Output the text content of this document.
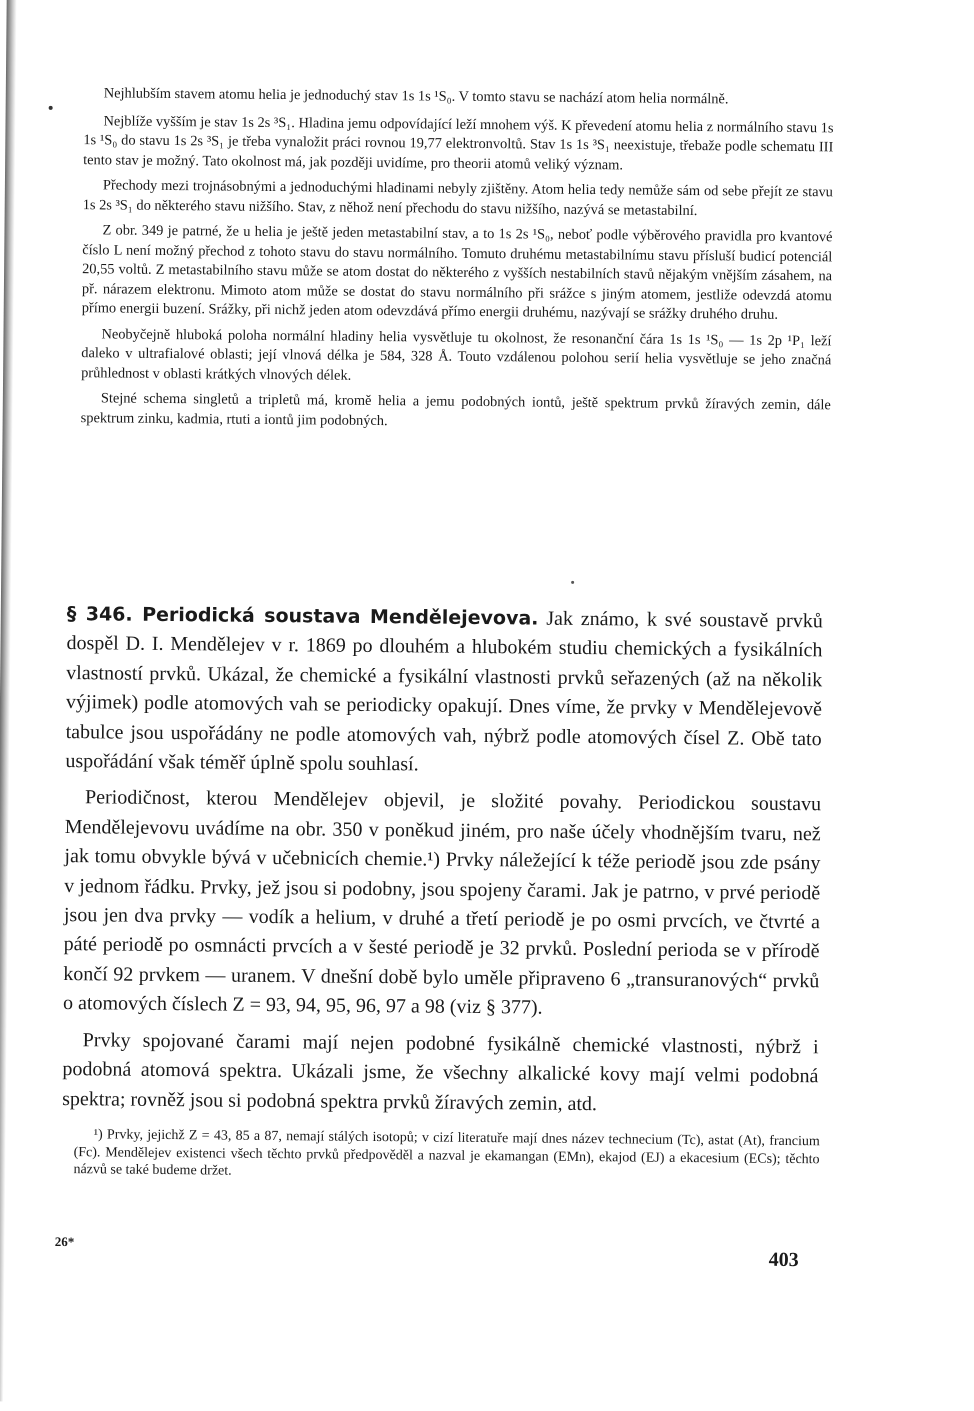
Nejhlubším stavem atomu helia je jednoduchý stav 1s 1s ¹S₀. V tomto stavu se nachází atom helia normálně.

Nejblíže vyšším je stav 1s 2s ³S₁. Hladina jemu odpovídající leží mnohem výš. K převedení atomu helia z normálního stavu 1s 1s ¹S₀ do stavu 1s 2s ³S₁ je třeba vynaložit práci rovnou 19,77 elektronvoltů. Stav 1s 1s ³S₁ neexistuje, třebaže podle schematu III tento stav je možný. Tato okolnost má, jak později uvidíme, pro theorii atomů veliký význam.

Přechody mezi trojnásobnými a jednoduchými hladinami nebyly zjištěny. Atom helia tedy nemůže sám od sebe přejít ze stavu 1s 2s ³S₁ do některého stavu nižšího. Stav, z něhož není přechodu do stavu nižšího, nazývá se metastabilní.

Z obr. 349 je patrné, že u helia je ještě jeden metastabilní stav, a to 1s 2s ¹S₀, neboť podle výběrového pravidla pro kvantové číslo L není možný přechod z tohoto stavu do stavu normálního. Tomuto druhému metastabilnímu stavu přísluší budicí potenciál 20,55 voltů. Z metastabilního stavu může se atom dostat do některého z vyšších nestabilních stavů nějakým vnějším zásahem, na př. nárazem elektronu. Mimoto atom může se dostat do stavu normálního při srážce s jiným atomem, jestliže odevzdá atomu přímo energii buzení. Srážky, při nichž jeden atom odevzdává přímo energii druhému, nazývají se srážky druhého druhu.

Neobyčejně hluboká poloha normální hladiny helia vysvětluje tu okolnost, že resonanční čára 1s 1s ¹S₀ — 1s 2p ¹P₁ leží daleko v ultrafialové oblasti; její vlnová délka je 584, 328 Å. Touto vzdálenou polohou serií helia vysvětluje se jeho značná průhlednost v oblasti krátkých vlnových délek.

Stejné schema singletů a tripletů má, kromě helia a jemu podobných iontů, ještě spektrum prvků žíravých zemin, dále spektrum zinku, kadmia, rtuti a iontů jim podobných.

§ 346. Periodická soustava Mendělejevova. Jak známo, k své soustavě prvků dospěl D. I. Mendělejev v r. 1869 po dlouhém a hlubokém studiu chemických a fysikálních vlastností prvků. Ukázal, že chemické a fysikální vlastnosti prvků seřazených (až na několik výjimek) podle atomových vah se periodicky opakují. Dnes víme, že prvky v Mendělejevově tabulce jsou uspořádány ne podle atomových vah, nýbrž podle atomových čísel Z. Obě tato uspořádání však téměř úplně spolu souhlasí.

Periodičnost, kterou Mendělejev objevil, je složité povahy. Periodickou soustavu Mendělejevovu uvádíme na obr. 350 v poněkud jiném, pro naše účely vhodnějším tvaru, než jak tomu obvykle bývá v učebnicích chemie.¹) Prvky náležející k téže periodě jsou zde psány v jednom řádku. Prvky, jež jsou si podobny, jsou spojeny čarami. Jak je patrno, v prvé periodě jsou jen dva prvky — vodík a helium, v druhé a třetí periodě je po osmi prvcích, ve čtvrté a páté periodě po osmnácti prvcích a v šesté periodě je 32 prvků. Poslední perioda se v přírodě končí 92 prvkem — uranem. V dnešní době bylo uměle připraveno 6 „transuranových“ prvků o atomových číslech Z = 93, 94, 95, 96, 97 a 98 (viz § 377).

Prvky spojované čarami mají nejen podobné fysikálně chemické vlastnosti, nýbrž i podobná atomová spektra. Ukázali jsme, že všechny alkalické kovy mají velmi podobná spektra; rovněž jsou si podobná spektra prvků žíravých zemin, atd.

¹) Prvky, jejichž Z = 43, 85 a 87, nemají stálých isotopů; v cizí literatuře mají dnes název technecium (Tc), astat (At), francium (Fc). Mendělejev existenci všech těchto prvků předpověděl a nazval je ekamangan (EMn), ekajod (EJ) a ekacesium (ECs); těchto názvů se také budeme držet.

26*
403
